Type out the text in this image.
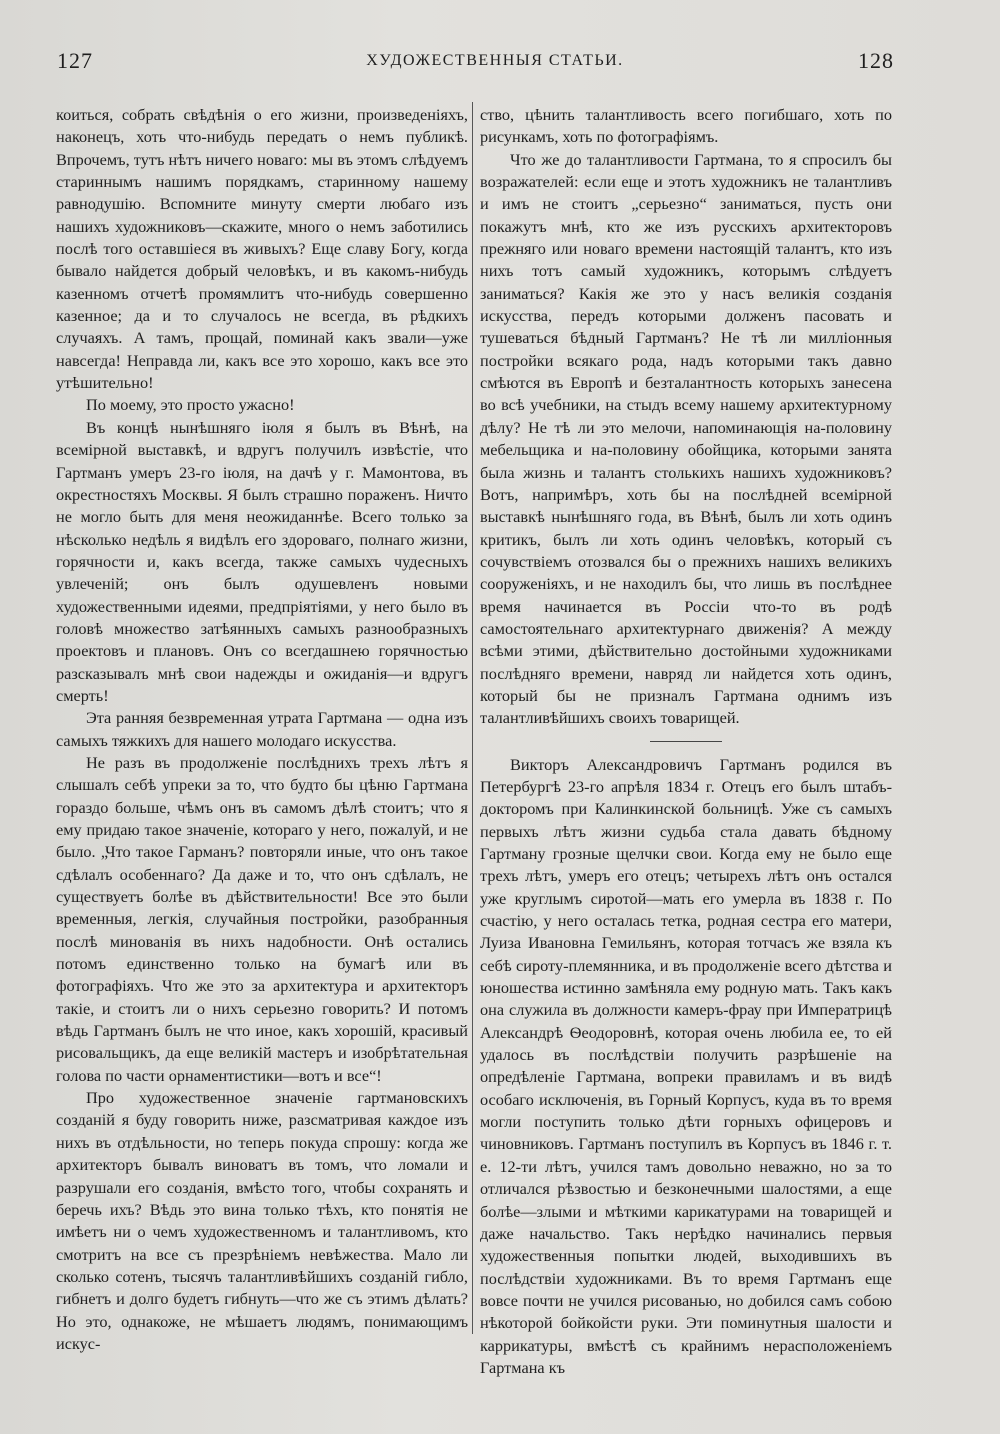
127	ХУДОЖЕСТВЕННЫЯ СТАТЬИ.	128

коиться, собрать свѣдѣнія о его жизни, произведеніяхъ, наконецъ, хоть что-нибудь передать о немъ публикѣ. Впрочемъ, тутъ нѣтъ ничего новаго: мы въ этомъ слѣдуемъ стариннымъ нашимъ порядкамъ, старинному нашему равнодушію. Вспомните минуту смерти любаго изъ нашихъ художниковъ—скажите, много о немъ заботились послѣ того оставшіеся въ живыхъ? Еще славу Богу, когда бывало найдется добрый человѣкъ, и въ какомъ-нибудь казенномъ отчетѣ промямлитъ что-нибудь совершенно казенное; да и то случалось не всегда, въ рѣдкихъ случаяхъ. А тамъ, прощай, поминай какъ звали—уже навсегда! Неправда ли, какъ все это хорошо, какъ все это утѣшительно!

По моему, это просто ужасно!

Въ концѣ нынѣшняго іюля я былъ въ Вѣнѣ, на всемірной выставкѣ, и вдругъ получилъ извѣстіе, что Гартманъ умеръ 23-го іюля, на дачѣ у г. Мамонтова, въ окрестностяхъ Москвы. Я былъ страшно пораженъ. Ничто не могло быть для меня неожиданнѣе. Всего только за нѣсколько недѣль я видѣлъ его здороваго, полнаго жизни, горячности и, какъ всегда, также самыхъ чудесныхъ увлеченій; онъ былъ одушевленъ новыми художественными идеями, предпріятіями, у него было въ головѣ множество затѣянныхъ самыхъ разнообразныхъ проектовъ и плановъ. Онъ со всегдашнею горячностью разсказывалъ мнѣ свои надежды и ожиданія—и вдругъ смерть!

Эта ранняя безвременная утрата Гартмана — одна изъ самыхъ тяжкихъ для нашего молодаго искусства.

Не разъ въ продолженіе послѣднихъ трехъ лѣтъ я слышалъ себѣ упреки за то, что будто бы цѣню Гартмана гораздо больше, чѣмъ онъ въ самомъ дѣлѣ стоитъ; что я ему придаю такое значеніе, котораго у него, пожалуй, и не было. „Что такое Гарманъ? повторяли иные, что онъ такое сдѣлалъ особеннаго? Да даже и то, что онъ сдѣлалъ, не существуетъ болѣе въ дѣйствительности! Все это были временныя, легкія, случайныя постройки, разобранныя послѣ минованія въ нихъ надобности. Онѣ остались потомъ единственно только на бумагѣ или въ фотографіяхъ. Что же это за архитектура и архитекторъ такіе, и стоитъ ли о нихъ серьезно говорить? И потомъ вѣдь Гартманъ былъ не что иное, какъ хорошій, красивый рисовальщикъ, да еще великій мастеръ и изобрѣтательная голова по части орнаментистики—вотъ и все“!

Про художественное значеніе гартмановскихъ созданій я буду говорить ниже, разсматривая каждое изъ нихъ въ отдѣльности, но теперь покуда спрошу: когда же архитекторъ бывалъ виноватъ въ томъ, что ломали и разрушали его созданія, вмѣсто того, чтобы сохранять и беречь ихъ? Вѣдь это вина только тѣхъ, кто понятія не имѣетъ ни о чемъ художественномъ и талантливомъ, кто смотритъ на все съ презрѣніемъ невѣжества. Мало ли сколько сотенъ, тысячъ талантливѣйшихъ созданій гибло, гибнетъ и долго будетъ гибнуть—что же съ этимъ дѣлать? Но это, однакоже, не мѣшаетъ людямъ, понимающимъ искус-

ство, цѣнить талантливость всего погибшаго, хоть по рисункамъ, хоть по фотографіямъ.

Что же до талантливости Гартмана, то я спросилъ бы возражателей: если еще и этотъ художникъ не талантливъ и имъ не стоитъ „серьезно“ заниматься, пусть они покажутъ мнѣ, кто же изъ русскихъ архитекторовъ прежняго или новаго времени настоящій талантъ, кто изъ нихъ тотъ самый художникъ, которымъ слѣдуетъ заниматься? Какія же это у насъ великія созданія искусства, передъ которыми долженъ пасовать и тушеваться бѣдный Гартманъ? Не тѣ ли милліонныя постройки всякаго рода, надъ которыми такъ давно смѣются въ Европѣ и безталантность которыхъ занесена во всѣ учебники, на стыдъ всему нашему архитектурному дѣлу? Не тѣ ли это мелочи, напоминающія на-половину мебельщика и на-половину обойщика, которыми занята была жизнь и талантъ столькихъ нашихъ художниковъ? Вотъ, напримѣръ, хоть бы на послѣдней всемірной выставкѣ нынѣшняго года, въ Вѣнѣ, былъ ли хоть одинъ критикъ, былъ ли хоть одинъ человѣкъ, который съ сочувствіемъ отозвался бы о прежнихъ нашихъ великихъ сооруженіяхъ, и не находилъ бы, что лишь въ послѣднее время начинается въ Россіи что-то въ родѣ самостоятельнаго архитектурнаго движенія? А между всѣми этими, дѣйствительно достойными художниками послѣдняго времени, навряд ли найдется хоть одинъ, который бы не призналъ Гартмана однимъ изъ талантливѣйшихъ своихъ товарищей.

Викторъ Александровичъ Гартманъ родился въ Петербургѣ 23-го апрѣля 1834 г. Отецъ его былъ штабъ-докторомъ при Калинкинской больницѣ. Уже съ самыхъ первыхъ лѣтъ жизни судьба стала давать бѣдному Гартману грозные щелчки свои. Когда ему не было еще трехъ лѣтъ, умеръ его отецъ; четырехъ лѣтъ онъ остался уже круглымъ сиротой—мать его умерла въ 1838 г. По счастію, у него осталась тетка, родная сестра его матери, Луиза Ивановна Гемильянъ, которая тотчасъ же взяла къ себѣ сироту-племянника, и въ продолженіе всего дѣтства и юношества истинно замѣняла ему родную мать. Такъ какъ она служила въ должности камеръ-фрау при Императрицѣ Александрѣ Ѳеодоровнѣ, которая очень любила ее, то ей удалось въ послѣдствіи получить разрѣшеніе на опредѣленіе Гартмана, вопреки правиламъ и въ видѣ особаго исключенія, въ Горный Корпусъ, куда въ то время могли поступить только дѣти горныхъ офицеровъ и чиновниковъ. Гартманъ поступилъ въ Корпусъ въ 1846 г. т. е. 12-ти лѣтъ, учился тамъ довольно неважно, но за то отличался рѣзвостью и безконечными шалостями, а еще болѣе—злыми и мѣткими карикатурами на товарищей и даже начальство. Такъ нерѣдко начинались первыя художественныя попытки людей, выходившихъ въ послѣдствіи художниками. Въ то время Гартманъ еще вовсе почти не учился рисованью, но добился самъ собою нѣкоторой бойкойсти руки. Эти поминутныя шалости и каррикатуры, вмѣстѣ съ крайнимъ нерасположеніемъ Гартмана къ
